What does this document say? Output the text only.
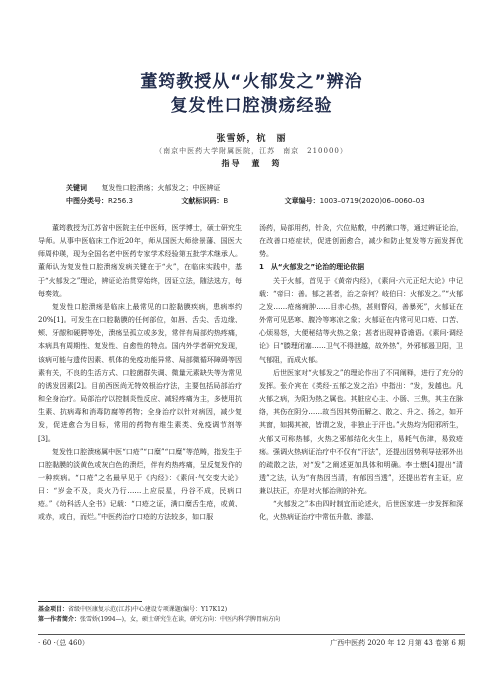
董筠教授从“火郁发之”辨治
复发性口腔溃疡经验
张雪娇，杭　丽
（南京中医药大学附属医院，江苏　南京　210000）
指导　董　筠
关键词 复发性口腔溃疡；火郁发之；中医辨证
中图分类号：R256.3	文献标识码：B	文章编号：1003–0719(2020)06–0060–03

董筠教授为江苏省中医院主任中医师，医学博士，硕士研究生导师。从事中医临床工作近20年，师从国医大师徐景藩、国医大师周仲瑛，现为全国名老中医药专家学术经验第五批学术继承人。董师认为复发性口腔溃疡发病关键在于“火”，在临床实践中，基于“火郁发之”理论，辨证论治贯穿始终，因证立法，随法选方，每每奏效。

复发性口腔溃疡是临床上最常见的口腔黏膜疾病，患病率约20%[1]。可发生在口腔黏膜的任何部位，如唇、舌尖、舌边缘、颊、牙龈和硬腭等处，溃疡呈孤立或多发，常伴有局部灼热疼痛，本病具有周期性、复发性、自愈性的特点。国内外学者研究发现，该病可能与遗传因素、机体的免疫功能异常、局部微循环障碍等因素有关，不良的生活方式、口腔菌群失调、微量元素缺失等为常见的诱发因素[2]。目前西医尚无特效根治疗法，主要包括局部治疗和全身治疗。局部治疗以控制炎性反应、减轻疼痛为主，多使用抗生素、抗病毒和消毒防腐等药物；全身治疗以针对病因，减少复发，促进愈合为目标，常用的药物有维生素类、免疫调节剂等[3]。

复发性口腔溃疡属中医“口疮”“口糜”“口糜”等范畴，指发生于口腔黏膜的淡黄色或灰白色的溃烂，伴有灼热疼痛，呈反复发作的一种疾病。“口疮”之名最早见于《内经》：《素问·气交变大论》曰：“岁金不及，炎火乃行……上应辰星，丹谷不成，民病口疮。”《幼科活人全书》记载：“口疮之证，满口糜舌生疮，或黄、或赤，或白，而烂。”中医药治疗口疮的方法较多，如口服

汤药，局部用药，针灸，穴位贴敷，中药漱口等，通过辨证论治，在改善口疮症状，促进创面愈合，减少和防止复发等方面发挥优势。

1　从“火郁发之”论治的理论依据

关于火郁，首见于《黄帝内经》，《素问·六元正纪大论》中记载：“帝曰：善。郁之甚者，治之奈何？岐伯曰：火郁发之。”“火郁之发……疮疡痈肿……目赤心热，甚则瞀闷，善暴死”，火郁证在外常可见恶寒、腹冷等寒凉之象；火郁证在内常可见口疮、口苦、心烦易怒，大便秘结等火热之象；甚者出现神昏谵语。《素问·调经论》曰“腠理闭塞……卫气不得泄越，故外热”，外邪郁遏卫阳，卫气郁阻，而成火郁。

后世医家对“火郁发之”的理论作出了不同阐释，进行了充分的发挥。张介宾在《类经·五郁之发之治》中指出：“发，发越也。凡火郁之病，为阳为热之属也。其脏应心主、小肠、三焦，其主在脉络，其伤在阴分……故当因其势而解之、散之、升之、扬之，如开其窗，如揭其被，皆谓之发，非独止于汗也。”火热均为阳邪所生，火郁又可称热郁，火热之邪郁结化火生上，易耗气伤津，易致疮疡。强调火热病证治疗中不仅有“汗法”，还提出因势利导祛邪外出的疏散之法，对“发”之阐述更加具体和明确。李士懋[4]提出“清透”之法，认为“有热因当清，有郁因当透”，还提出若有主证，应兼以扶正，亦是对火郁治则的补充。

“火郁发之”本由四时制宜而论述火，后世医家进一步发挥和深化，火热病证治疗中常伍升散、渗湿、

基金项目：省级中医康复示范(江苏)中心建设专项课题(编号：Y17K12)
第一作者简介：张雪娇(1994—)，女，硕士研究生在读，研究方向：中医内科学脾胃病方向
· 60 ·（总 460）	广西中医药 2020 年 12 月第 43 卷第 6 期
